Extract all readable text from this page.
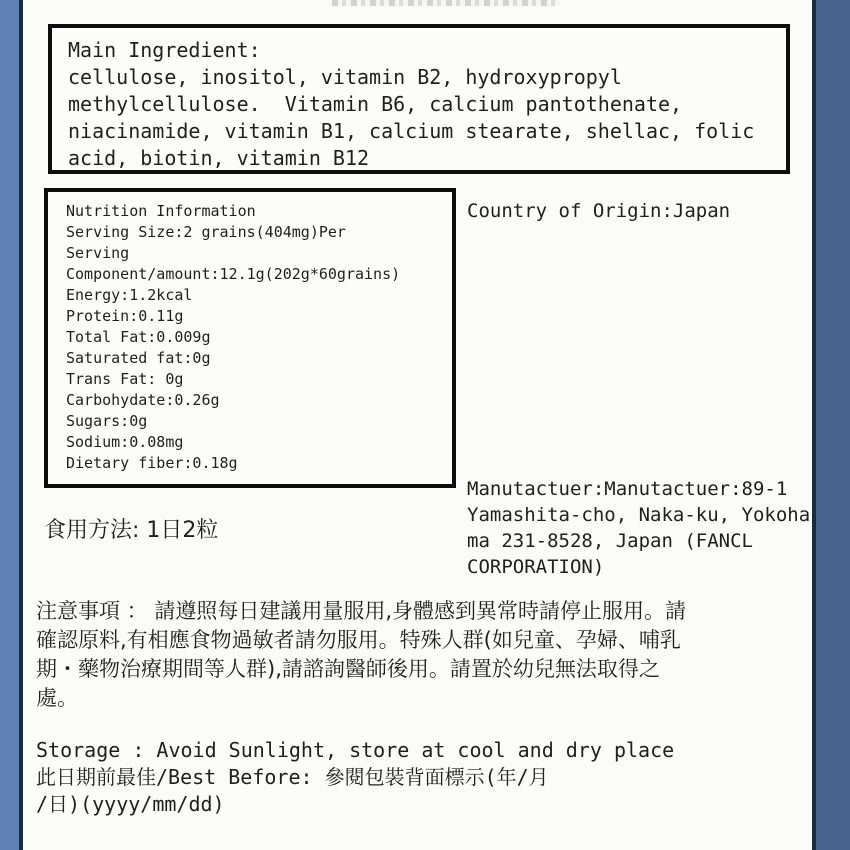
Main Ingredient:
cellulose, inositol, vitamin B2, hydroxypropyl
methylcellulose.  Vitamin B6, calcium pantothenate,
niacinamide, vitamin B1, calcium stearate, shellac, folic
acid, biotin, vitamin B12
Nutrition Information
Serving Size:2 grains(404mg)Per
Serving
Component/amount:12.1g(202g*60grains)
Energy:1.2kcal
Protein:0.11g
Total Fat:0.009g
Saturated fat:0g
Trans Fat: 0g
Carbohydate:0.26g
Sugars:0g
Sodium:0.08mg
Dietary fiber:0.18g
Country of Origin:Japan
Manutactuer:Manutactuer:89-1
Yamashita-cho, Naka-ku, Yokoha
ma 231-8528, Japan (FANCL
CORPORATION)
食用方法: 1日2粒
注意事項 ： 請遵照每日建議用量服用,身體感到異常時請停止服用。請
確認原料,有相應食物過敏者請勿服用。特殊人群(如兒童、孕婦、哺乳
期・藥物治療期間等人群),請諮詢醫師後用。請置於幼兒無法取得之
處。
Storage : Avoid Sunlight, store at cool and dry place
此日期前最佳/Best Before: 參閱包裝背面標示(年/月
/日)(yyyy/mm/dd)
